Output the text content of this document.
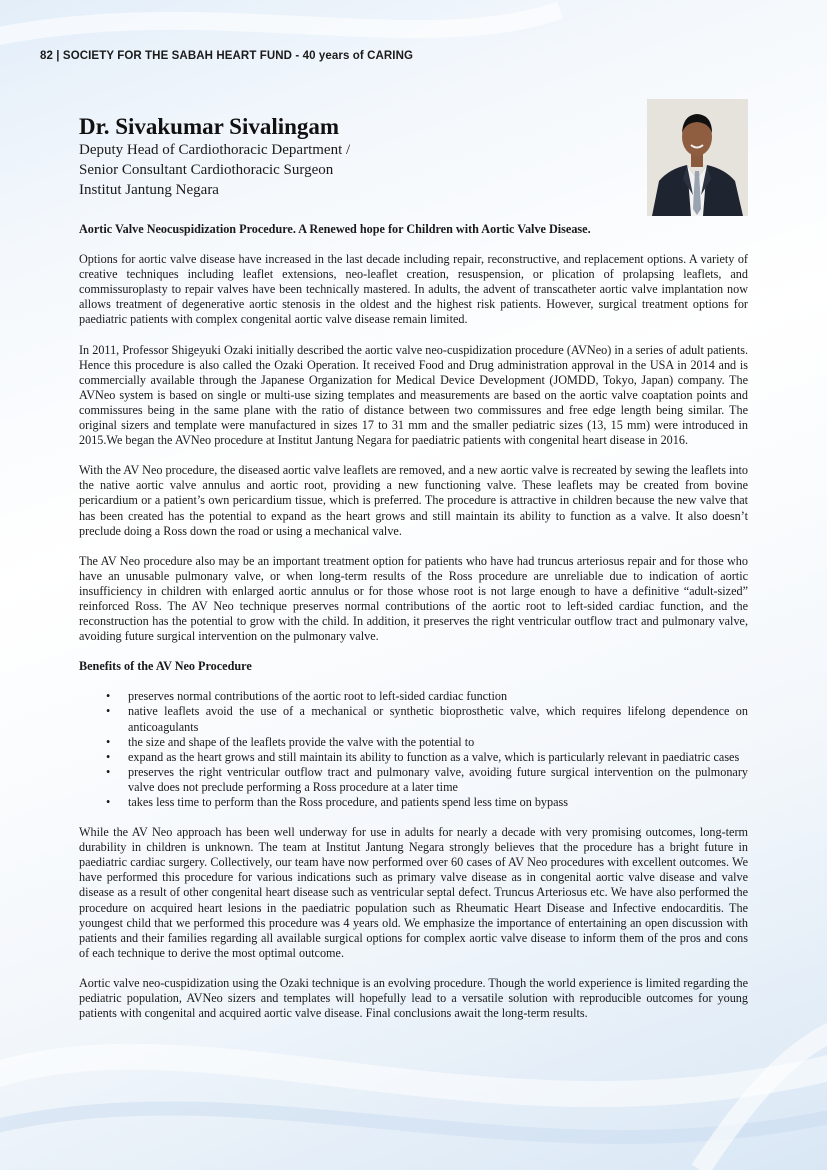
82 | SOCIETY FOR THE SABAH HEART FUND - 40 years of CARING
Dr. Sivakumar Sivalingam
Deputy Head of Cardiothoracic Department /
Senior Consultant Cardiothoracic Surgeon
Institut Jantung Negara

Aortic Valve Neocuspidization Procedure. A Renewed hope for Children with Aortic Valve Disease.

Options for aortic valve disease have increased in the last decade including repair, reconstructive, and replacement options. A variety of creative techniques including leaflet extensions, neo-leaflet creation, resuspension, or plication of prolapsing leaflets, and commissuroplasty to repair valves have been technically mastered. In adults, the advent of transcatheter aortic valve implantation now allows treatment of degenerative aortic stenosis in the oldest and the highest risk patients. However, surgical treatment options for paediatric patients with complex congenital aortic valve disease remain limited.

In 2011, Professor Shigeyuki Ozaki initially described the aortic valve neo-cuspidization procedure (AVNeo) in a series of adult patients. Hence this procedure is also called the Ozaki Operation. It received Food and Drug administration approval in the USA in 2014 and is commercially available through the Japanese Organization for Medical Device Development (JOMDD, Tokyo, Japan) company. The AVNeo system is based on single or multi-use sizing templates and measurements are based on the aortic valve coaptation points and commissures being in the same plane with the ratio of distance between two commissures and free edge length being similar. The original sizers and template were manufactured in sizes 17 to 31 mm and the smaller pediatric sizes (13, 15 mm) were introduced in 2015.We began the AVNeo procedure at Institut Jantung Negara for paediatric patients with congenital heart disease in 2016.

With the AV Neo procedure, the diseased aortic valve leaflets are removed, and a new aortic valve is recreated by sewing the leaflets into the native aortic valve annulus and aortic root, providing a new functioning valve. These leaflets may be created from bovine pericardium or a patient’s own pericardium tissue, which is preferred. The procedure is attractive in children because the new valve that has been created has the potential to expand as the heart grows and still maintain its ability to function as a valve. It also doesn’t preclude doing a Ross down the road or using a mechanical valve.

The AV Neo procedure also may be an important treatment option for patients who have had truncus arteriosus repair and for those who have an unusable pulmonary valve, or when long-term results of the Ross procedure are unreliable due to indication of aortic insufficiency in children with enlarged aortic annulus or for those whose root is not large enough to have a definitive “adult-sized” reinforced Ross. The AV Neo technique preserves normal contributions of the aortic root to left-sided cardiac function, and the reconstruction has the potential to grow with the child. In addition, it preserves the right ventricular outflow tract and pulmonary valve, avoiding future surgical intervention on the pulmonary valve.

Benefits of the AV Neo Procedure

• preserves normal contributions of the aortic root to left-sided cardiac function
• native leaflets avoid the use of a mechanical or synthetic bioprosthetic valve, which requires lifelong dependence on anticoagulants
• the size and shape of the leaflets provide the valve with the potential to
• expand as the heart grows and still maintain its ability to function as a valve, which is particularly relevant in paediatric cases
• preserves the right ventricular outflow tract and pulmonary valve, avoiding future surgical intervention on the pulmonary valve does not preclude performing a Ross procedure at a later time
• takes less time to perform than the Ross procedure, and patients spend less time on bypass

While the AV Neo approach has been well underway for use in adults for nearly a decade with very promising outcomes, long-term durability in children is unknown. The team at Institut Jantung Negara strongly believes that the procedure has a bright future in paediatric cardiac surgery. Collectively, our team have now performed over 60 cases of AV Neo procedures with excellent outcomes. We have performed this procedure for various indications such as primary valve disease as in congenital aortic valve disease and valve disease as a result of other congenital heart disease such as ventricular septal defect. Truncus Arteriosus etc. We have also performed the procedure on acquired heart lesions in the paediatric population such as Rheumatic Heart Disease and Infective endocarditis. The youngest child that we performed this procedure was 4 years old. We emphasize the importance of entertaining an open discussion with patients and their families regarding all available surgical options for complex aortic valve disease to inform them of the pros and cons of each technique to derive the most optimal outcome.

Aortic valve neo-cuspidization using the Ozaki technique is an evolving procedure. Though the world experience is limited regarding the pediatric population, AVNeo sizers and templates will hopefully lead to a versatile solution with reproducible outcomes for young patients with congenital and acquired aortic valve disease. Final conclusions await the long-term results.
